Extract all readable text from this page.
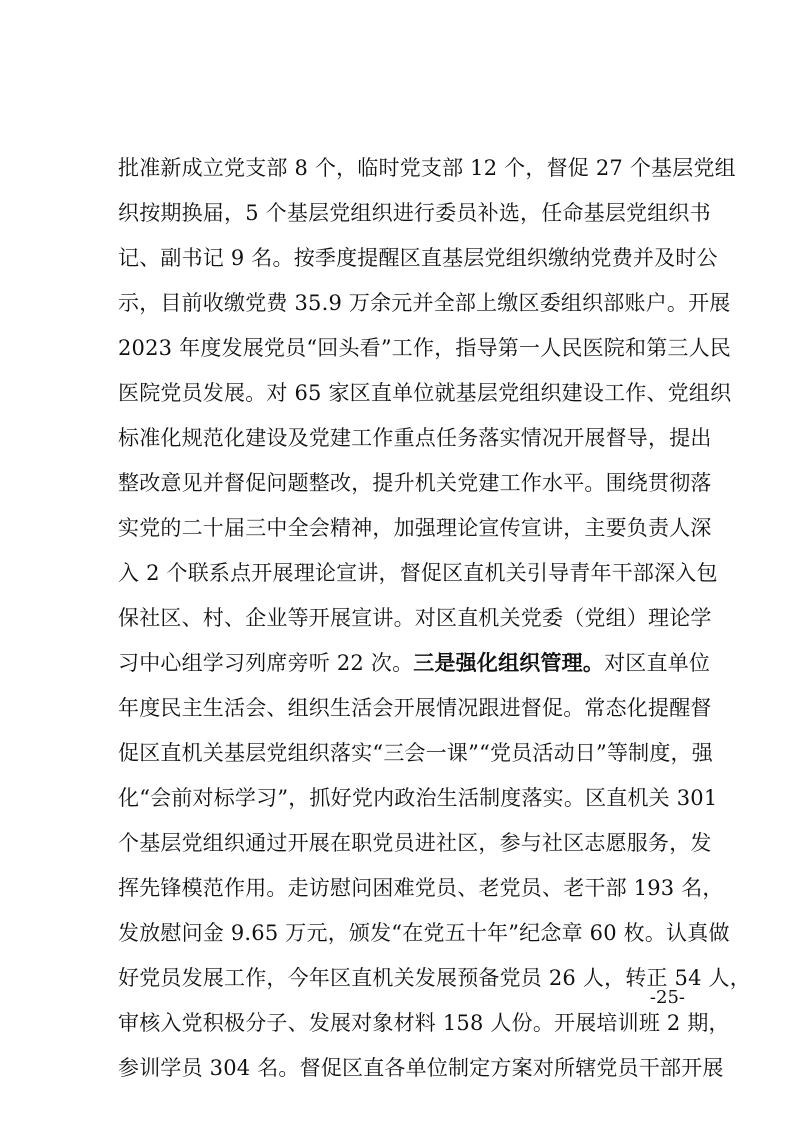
批准新成立党支部 8 个，临时党支部 12 个，督促 27 个基层党组
织按期换届，5 个基层党组织进行委员补选，任命基层党组织书
记、副书记 9 名。按季度提醒区直基层党组织缴纳党费并及时公
示，目前收缴党费 35.9 万余元并全部上缴区委组织部账户。开展
2023 年度发展党员“回头看”工作，指导第一人民医院和第三人民
医院党员发展。对 65 家区直单位就基层党组织建设工作、党组织
标准化规范化建设及党建工作重点任务落实情况开展督导，提出
整改意见并督促问题整改，提升机关党建工作水平。围绕贯彻落
实党的二十届三中全会精神，加强理论宣传宣讲，主要负责人深
入 2 个联系点开展理论宣讲，督促区直机关引导青年干部深入包
保社区、村、企业等开展宣讲。对区直机关党委（党组）理论学
习中心组学习列席旁听 22 次。三是强化组织管理。对区直单位
年度民主生活会、组织生活会开展情况跟进督促。常态化提醒督
促区直机关基层党组织落实“三会一课”“党员活动日”等制度，强
化“会前对标学习”，抓好党内政治生活制度落实。区直机关 301
个基层党组织通过开展在职党员进社区，参与社区志愿服务，发
挥先锋模范作用。走访慰问困难党员、老党员、老干部 193 名，
发放慰问金 9.65 万元，颁发“在党五十年”纪念章 60 枚。认真做
好党员发展工作，今年区直机关发展预备党员 26 人，转正 54 人，
审核入党积极分子、发展对象材料 158 人份。开展培训班 2 期，
参训学员 304 名。督促区直各单位制定方案对所辖党员干部开展
-25-
